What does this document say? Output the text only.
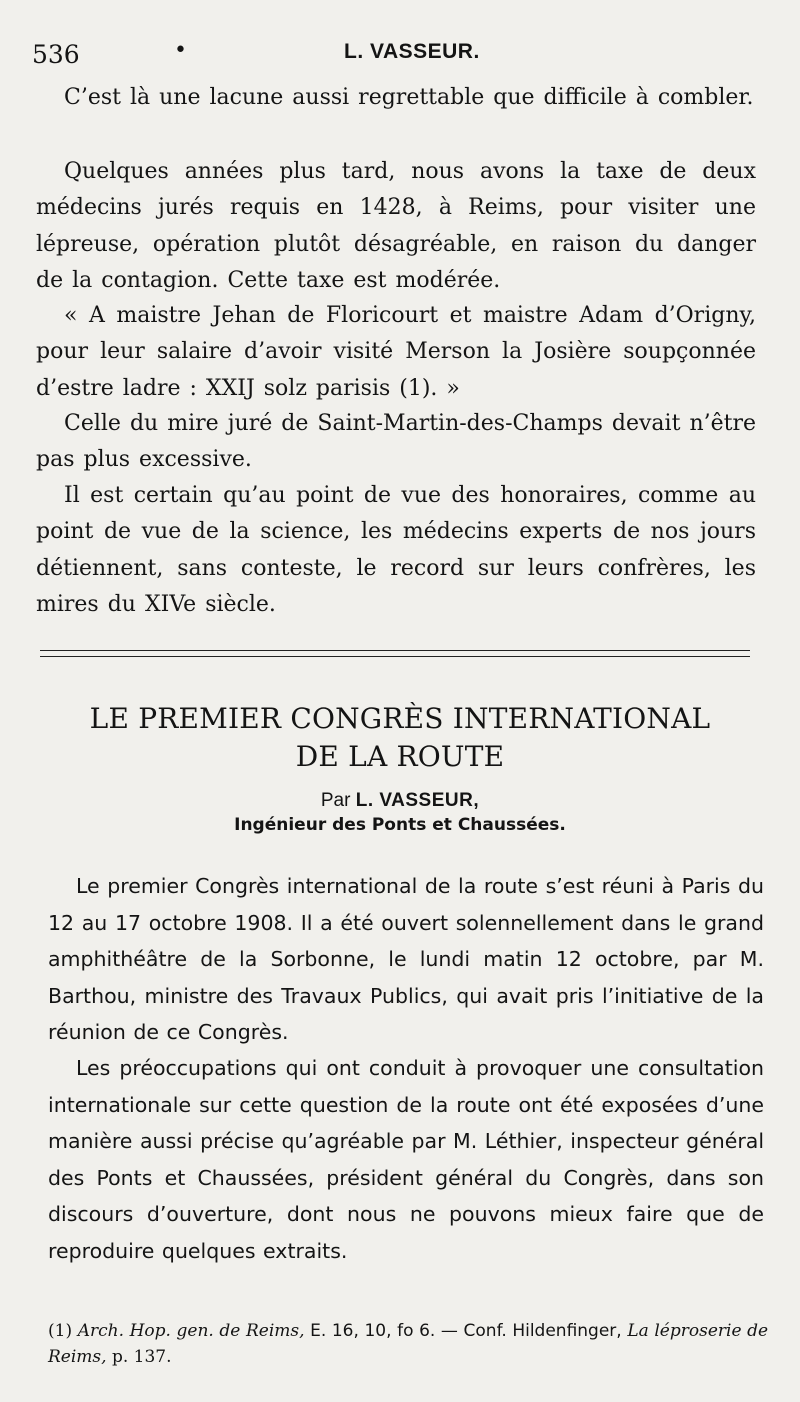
536	•	L. VASSEUR.

C’est là une lacune aussi regrettable que difficile à combler.

Quelques années plus tard, nous avons la taxe de deux médecins jurés requis en 1428, à Reims, pour visiter une lépreuse, opération plutôt désagréable, en raison du danger de la contagion. Cette taxe est modérée.

« A maistre Jehan de Floricourt et maistre Adam d’Origny, pour leur salaire d’avoir visité Merson la Josière soupçonnée d’estre ladre : XXIJ solz parisis (1). »

Celle du mire juré de Saint-Martin-des-Champs devait n’être pas plus excessive.

Il est certain qu’au point de vue des honoraires, comme au point de vue de la science, les médecins experts de nos jours détiennent, sans conteste, le record sur leurs confrères, les mires du XIVe siècle.

LE PREMIER CONGRÈS INTERNATIONAL
DE LA ROUTE
Par L. VASSEUR,
Ingénieur des Ponts et Chaussées.

Le premier Congrès international de la route s’est réuni à Paris du 12 au 17 octobre 1908. Il a été ouvert solennellement dans le grand amphithéâtre de la Sorbonne, le lundi matin 12 octobre, par M. Barthou, ministre des Travaux Publics, qui avait pris l’initiative de la réunion de ce Congrès.

Les préoccupations qui ont conduit à provoquer une consultation internationale sur cette question de la route ont été exposées d’une manière aussi précise qu’agréable par M. Léthier, inspecteur général des Ponts et Chaussées, président général du Congrès, dans son discours d’ouverture, dont nous ne pouvons mieux faire que de reproduire quelques extraits.

(1) Arch. Hop. gen. de Reims, E. 16, 10, fo 6. — Conf. Hildenfinger, La léproserie de Reims, p. 137.
